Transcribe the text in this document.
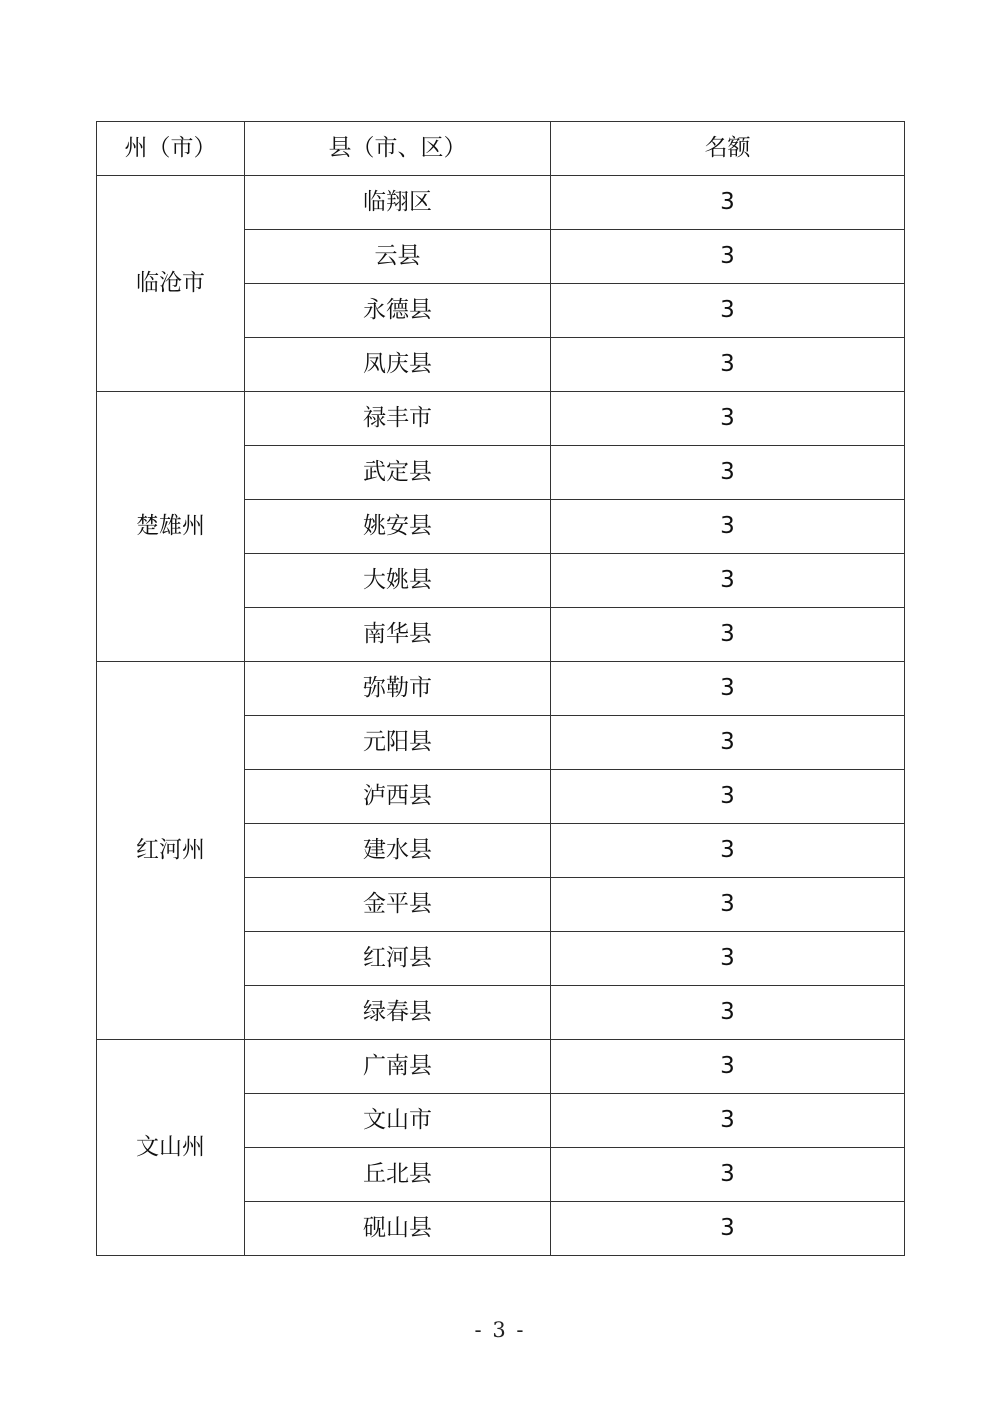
州（市）	县（市、区）	名额
临沧市	临翔区	3
	云县	3
	永德县	3
	凤庆县	3
楚雄州	禄丰市	3
	武定县	3
	姚安县	3
	大姚县	3
	南华县	3
红河州	弥勒市	3
	元阳县	3
	泸西县	3
	建水县	3
	金平县	3
	红河县	3
	绿春县	3
文山州	广南县	3
	文山市	3
	丘北县	3
	砚山县	3
- 3 -
